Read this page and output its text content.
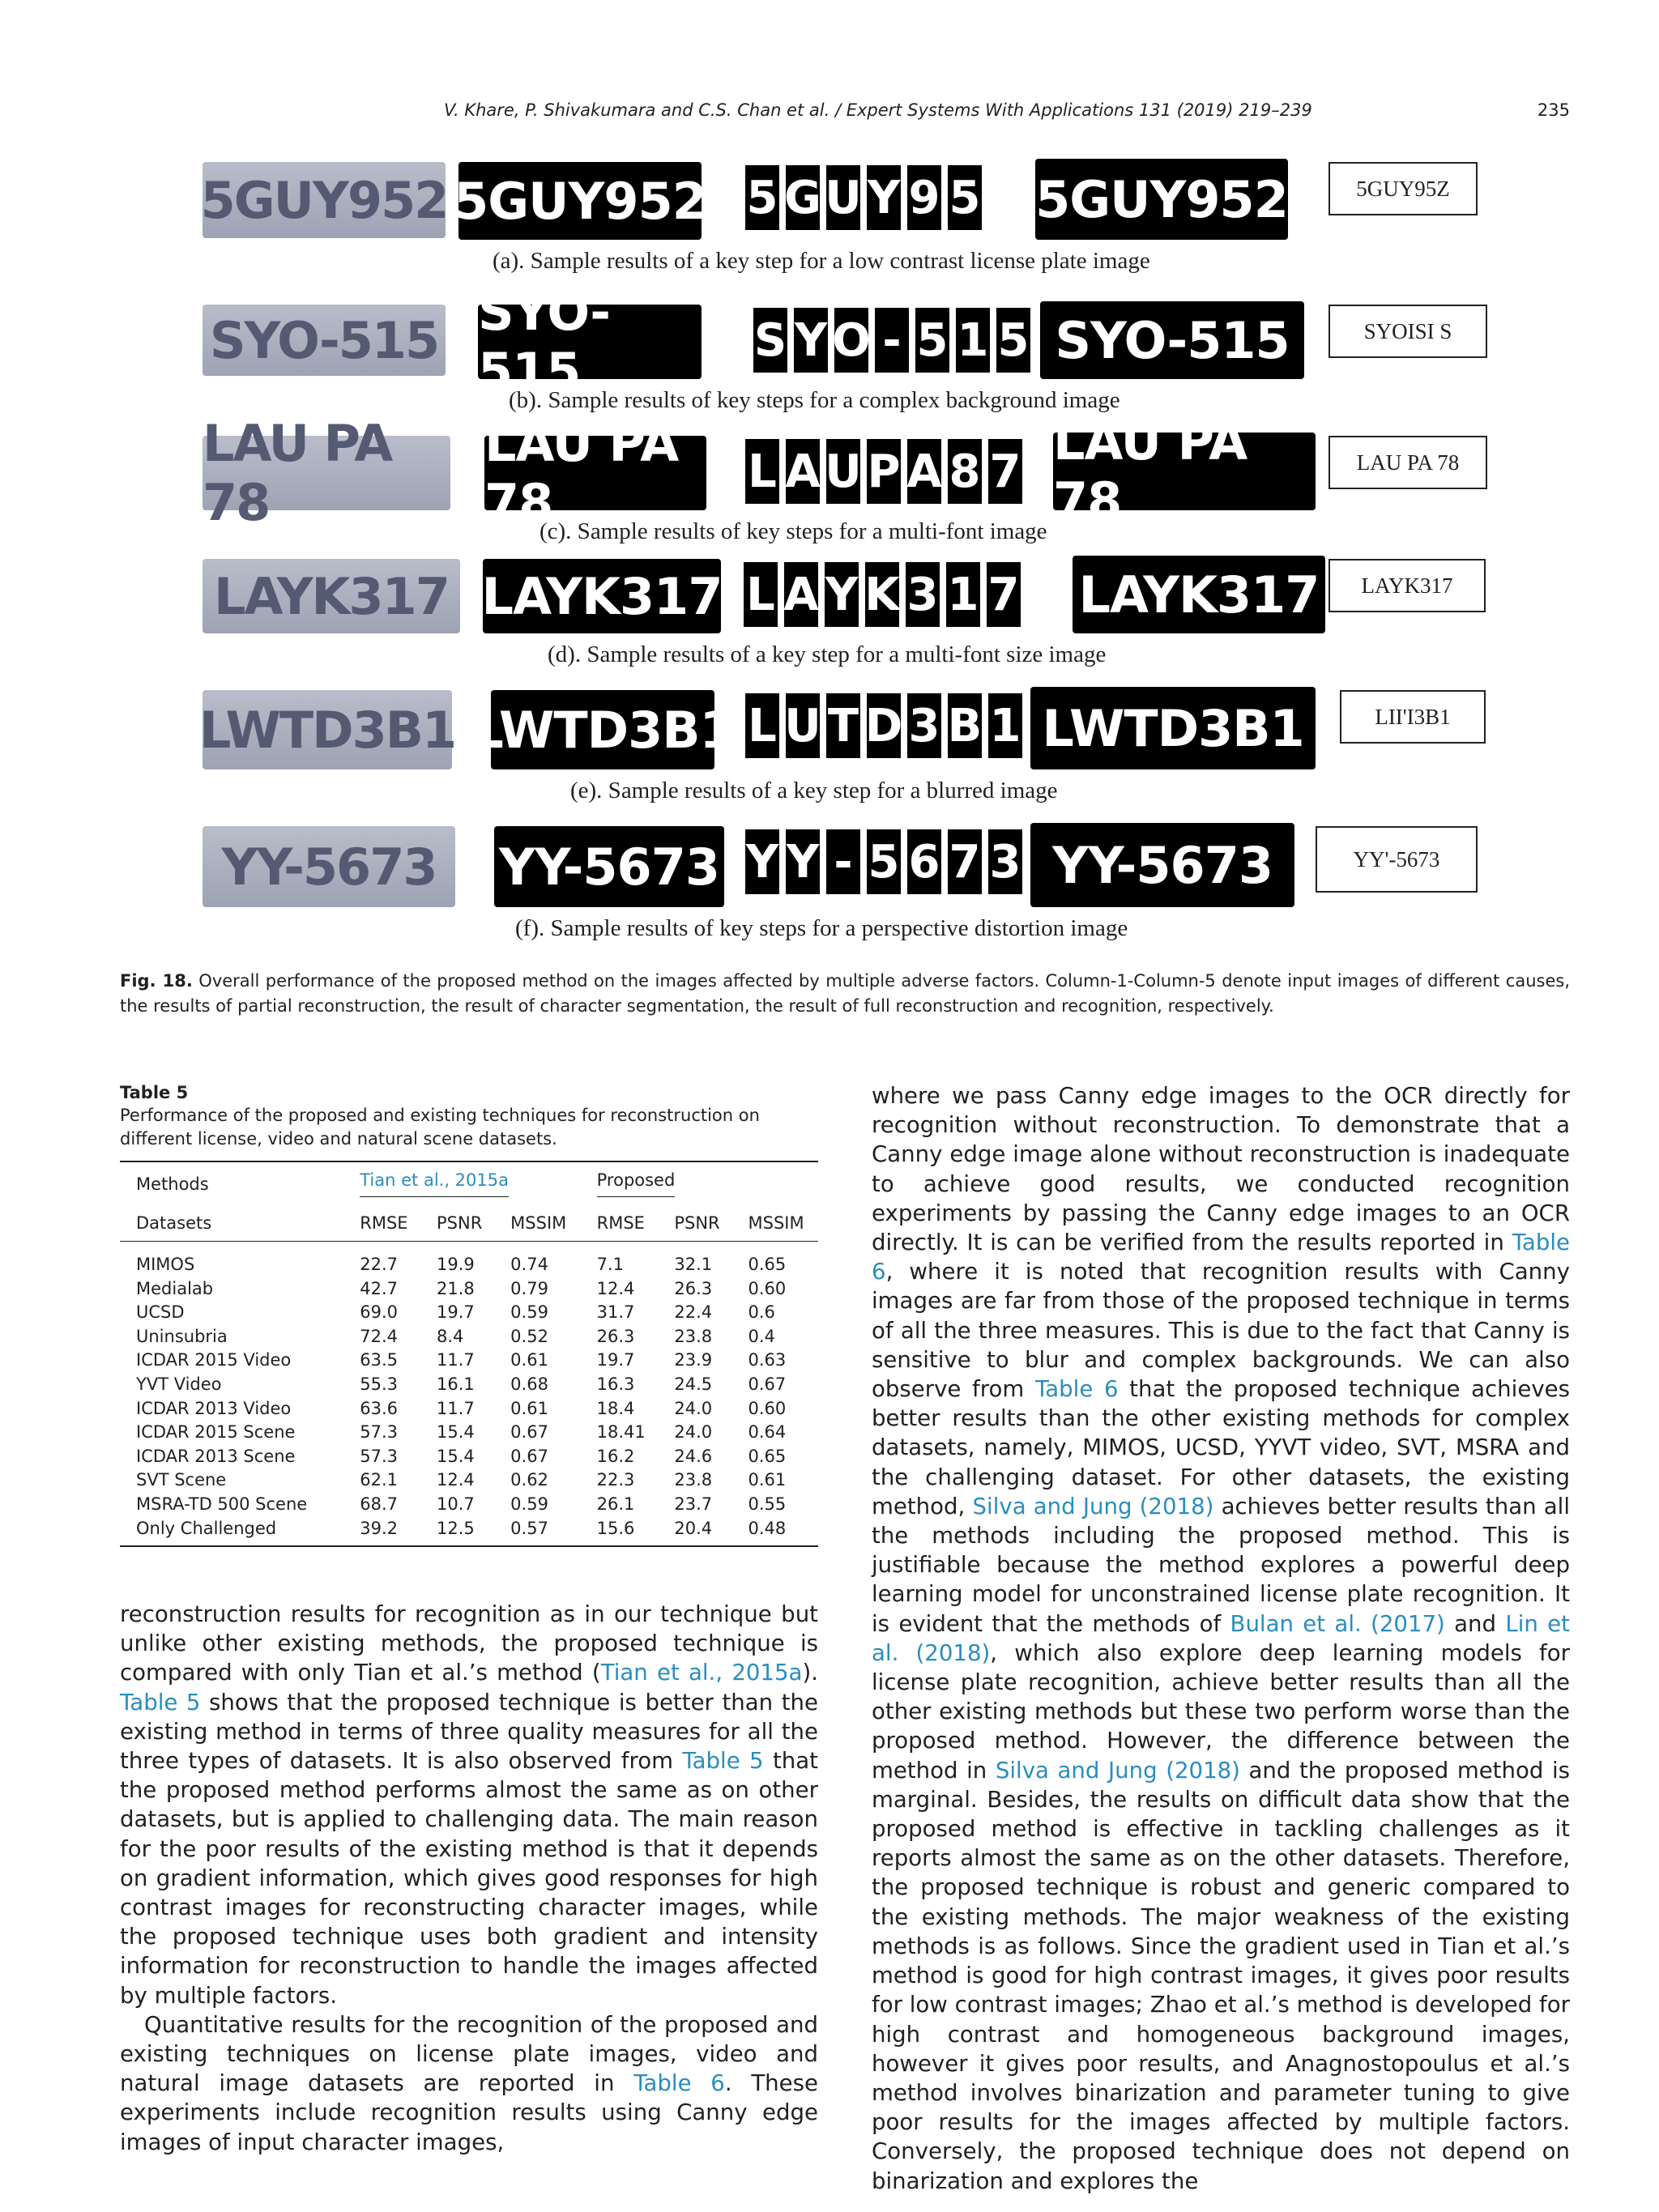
V. Khare, P. Shivakumara and C.S. Chan et al. / Expert Systems With Applications 131 (2019) 219–239	235
5GUY952 5GUY952 5 G U Y 9 5 5GUY952	5GUY95Z
(a). Sample results of a key step for a low contrast license plate image
SYO-515 SYO-515
S Y O - 5 1 5 SYO-515	SYOISI S
(b). Sample results of key steps for a complex background image
LAU PA 78
LAU PA 78
L A U P A 8 7 LAU PA 78
LAU PA 78
(c). Sample results of key steps for a multi-font image
LAYK317 LAYK317 L A Y K 3 1 7 LAYK317	LAYK317
(d). Sample results of a key step for a multi-font size image
LWTD3B1 LWTD3B1 L U T D 3 B 1 LWTD3B1	LII'I3B1
(e). Sample results of a key step for a blurred image
YY-5673	YY-5673 Y Y - 5 6 7 3 YY-5673	YY'-5673
(f). Sample results of key steps for a perspective distortion image
Fig. 18. Overall performance of the proposed method on the images affected by multiple adverse factors. Column-1-Column-5 denote input images of different causes, the results of partial reconstruction, the result of character segmentation, the result of full reconstruction and recognition, respectively.
Table 5
Performance of the proposed and existing techniques for reconstruction on different license, video and natural scene datasets.
Methods	Tian et al., 2015a			Proposed		
Datasets	RMSE	PSNR	MSSIM	RMSE	PSNR	MSSIM
MIMOS	22.7	19.9	0.74	7.1	32.1	0.65
Medialab	42.7	21.8	0.79	12.4	26.3	0.60
UCSD	69.0	19.7	0.59	31.7	22.4	0.6
Uninsubria	72.4	8.4	0.52	26.3	23.8	0.4
ICDAR 2015 Video	63.5	11.7	0.61	19.7	23.9	0.63
YVT Video	55.3	16.1	0.68	16.3	24.5	0.67
ICDAR 2013 Video	63.6	11.7	0.61	18.4	24.0	0.60
ICDAR 2015 Scene	57.3	15.4	0.67	18.41	24.0	0.64
ICDAR 2013 Scene	57.3	15.4	0.67	16.2	24.6	0.65
SVT Scene	62.1	12.4	0.62	22.3	23.8	0.61
MSRA-TD 500 Scene	68.7	10.7	0.59	26.1	23.7	0.55
Only Challenged	39.2	12.5	0.57	15.6	20.4	0.48

reconstruction results for recognition as in our technique but unlike other existing methods, the proposed technique is compared with only Tian et al.’s method (Tian et al., 2015a). Table 5 shows that the proposed technique is better than the existing method in terms of three quality measures for all the three types of datasets. It is also observed from Table 5 that the proposed method performs almost the same as on other datasets, but is applied to challenging data. The main reason for the poor results of the existing method is that it depends on gradient information, which gives good responses for high contrast images for reconstructing character images, while the proposed technique uses both gradient and intensity information for reconstruction to handle the images affected by multiple factors.

Quantitative results for the recognition of the proposed and existing techniques on license plate images, video and natural image datasets are reported in Table 6. These experiments include recognition results using Canny edge images of input character images,

where we pass Canny edge images to the OCR directly for recognition without reconstruction. To demonstrate that a Canny edge image alone without reconstruction is inadequate to achieve good results, we conducted recognition experiments by passing the Canny edge images to an OCR directly. It is can be verified from the results reported in Table 6, where it is noted that recognition results with Canny images are far from those of the proposed technique in terms of all the three measures. This is due to the fact that Canny is sensitive to blur and complex backgrounds. We can also observe from Table 6 that the proposed technique achieves better results than the other existing methods for complex datasets, namely, MIMOS, UCSD, YYVT video, SVT, MSRA and the challenging dataset. For other datasets, the existing method, Silva and Jung (2018) achieves better results than all the methods including the proposed method. This is justifiable because the method explores a powerful deep learning model for unconstrained license plate recognition. It is evident that the methods of Bulan et al. (2017) and Lin et al. (2018), which also explore deep learning models for license plate recognition, achieve better results than all the other existing methods but these two perform worse than the proposed method. However, the difference between the method in Silva and Jung (2018) and the proposed method is marginal. Besides, the results on difficult data show that the proposed method is effective in tackling challenges as it reports almost the same as on the other datasets. Therefore, the proposed technique is robust and generic compared to the existing methods. The major weakness of the existing methods is as follows. Since the gradient used in Tian et al.’s method is good for high contrast images, it gives poor results for low contrast images; Zhao et al.’s method is developed for high contrast and homogeneous background images, however it gives poor results, and Anagnostopoulus et al.’s method involves binarization and parameter tuning to give poor results for the images affected by multiple factors. Conversely, the proposed technique does not depend on binarization and explores the
